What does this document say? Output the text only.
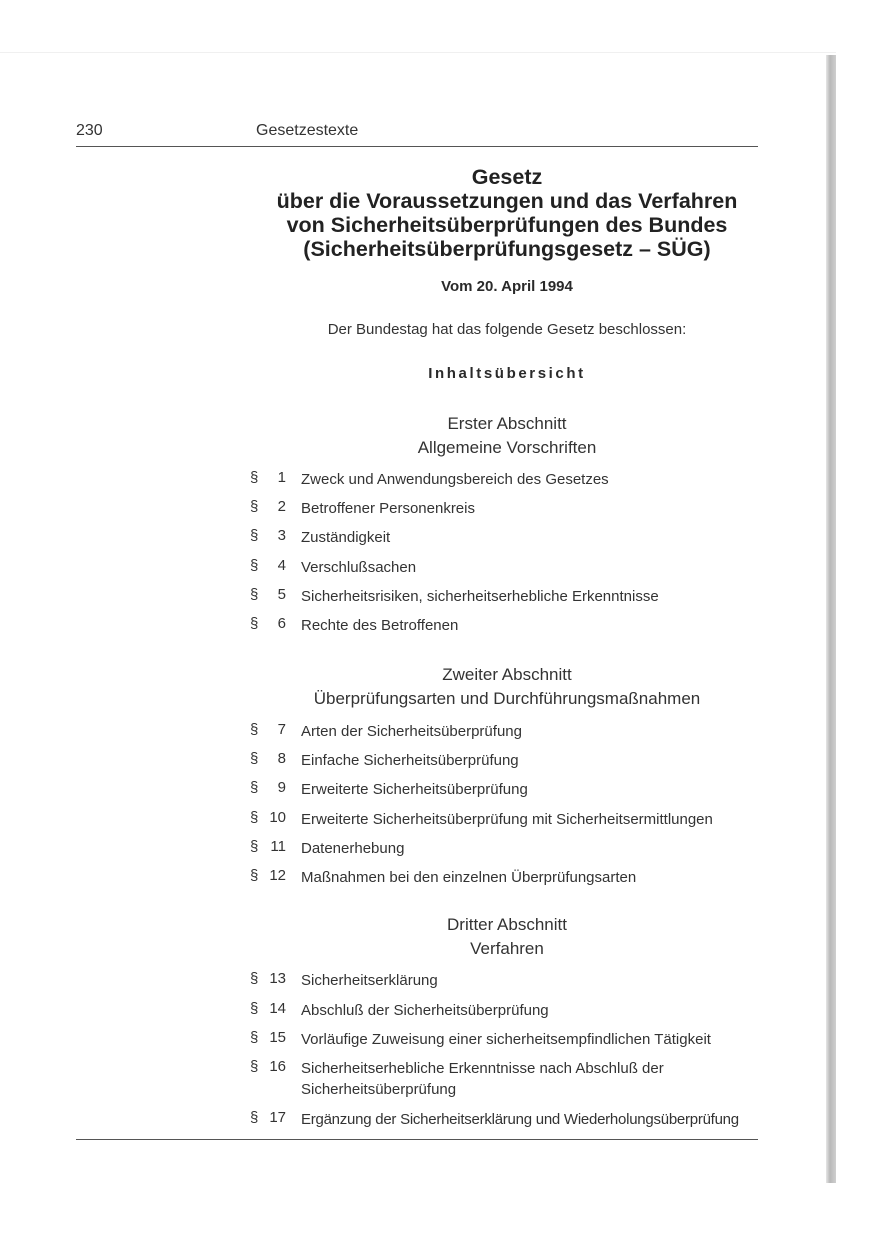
230	Gesetzestexte
Gesetz
über die Voraussetzungen und das Verfahren
von Sicherheitsüberprüfungen des Bundes
(Sicherheitsüberprüfungsgesetz – SÜG)
Vom 20. April 1994
Der Bundestag hat das folgende Gesetz beschlossen:
Inhaltsübersicht
Erster Abschnitt
Allgemeine Vorschriften
§	1 Zweck und Anwendungsbereich des Gesetzes
§	2 Betroffener Personenkreis
§	3 Zuständigkeit
§	4 Verschlußsachen
§	5 Sicherheitsrisiken, sicherheitserhebliche Erkenntnisse
§	6 Rechte des Betroffenen
Zweiter Abschnitt
Überprüfungsarten und Durchführungsmaßnahmen
§	7 Arten der Sicherheitsüberprüfung
§	8 Einfache Sicherheitsüberprüfung
§	9 Erweiterte Sicherheitsüberprüfung
§ 10 Erweiterte Sicherheitsüberprüfung mit Sicherheitsermittlungen
§ 11 Datenerhebung
§ 12 Maßnahmen bei den einzelnen Überprüfungsarten
Dritter Abschnitt
Verfahren
§ 13 Sicherheitserklärung
§ 14 Abschluß der Sicherheitsüberprüfung
§ 15 Vorläufige Zuweisung einer sicherheitsempfindlichen Tätigkeit
§ 16 Sicherheitserhebliche Erkenntnisse nach Abschluß der Sicherheitsüberprüfung
§ 17 Ergänzung der Sicherheitserklärung und Wiederholungsüberprüfung
